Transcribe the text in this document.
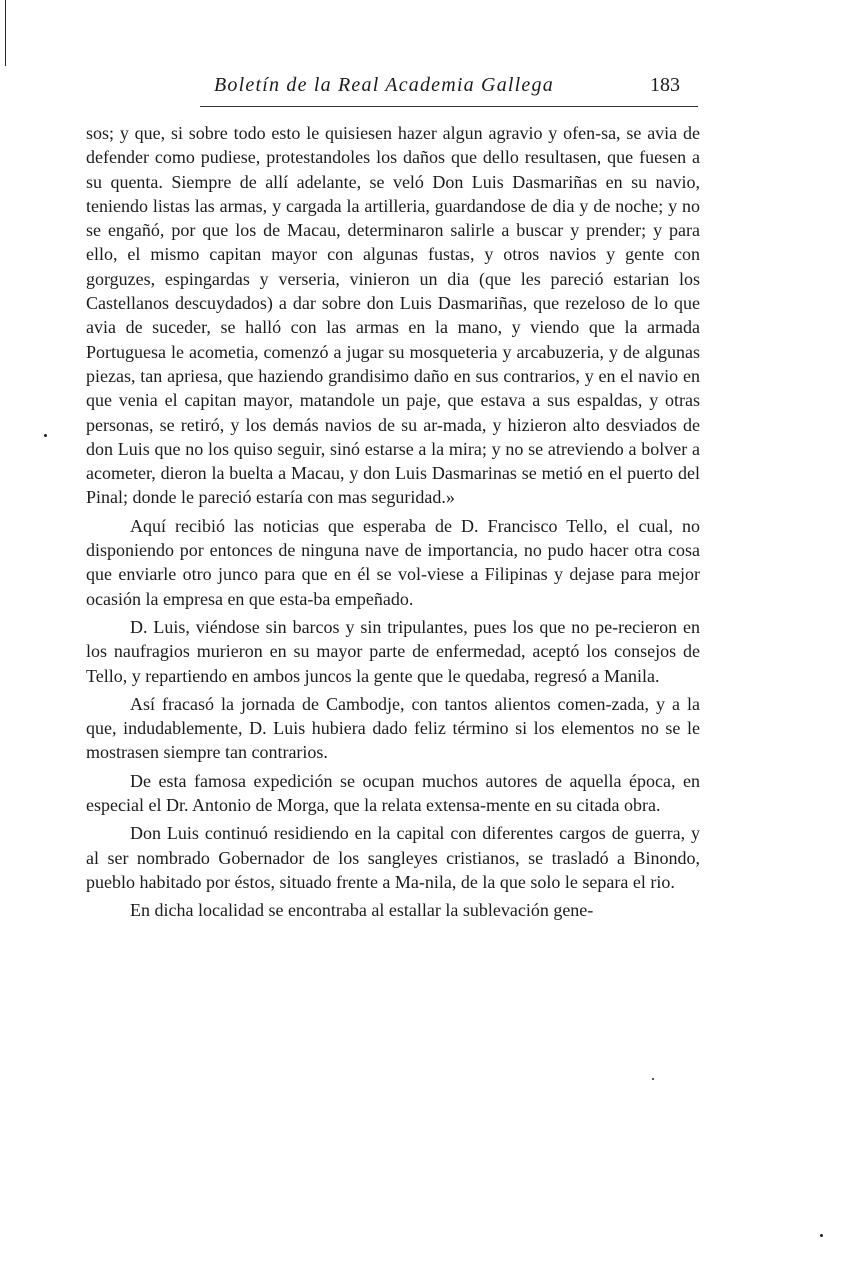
Boletín de la Real Academia Gallega	183

sos; y que, si sobre todo esto le quisiesen hazer algun agravio y ofen-sa, se avia de defender como pudiese, protestandoles los daños que dello resultasen, que fuesen a su quenta. Siempre de allí adelante, se veló Don Luis Dasmariñas en su navio, teniendo listas las armas, y cargada la artilleria, guardandose de dia y de noche; y no se engañó, por que los de Macau, determinaron salirle a buscar y prender; y para ello, el mismo capitan mayor con algunas fustas, y otros navios y gente con gorguzes, espingardas y verseria, vinieron un dia (que les pareció estarian los Castellanos descuydados) a dar sobre don Luis Dasmariñas, que rezeloso de lo que avia de suceder, se halló con las armas en la mano, y viendo que la armada Portuguesa le acometia, comenzó a jugar su mosqueteria y arcabuzeria, y de algunas piezas, tan apriesa, que haziendo grandisimo daño en sus contrarios, y en el navio en que venia el capitan mayor, matandole un paje, que estava a sus espaldas, y otras personas, se retiró, y los demás navios de su ar-mada, y hizieron alto desviados de don Luis que no los quiso seguir, sinó estarse a la mira; y no se atreviendo a bolver a acometer, dieron la buelta a Macau, y don Luis Dasmarinas se metió en el puerto del Pinal; donde le pareció estaría con mas seguridad.»

Aquí recibió las noticias que esperaba de D. Francisco Tello, el cual, no disponiendo por entonces de ninguna nave de importancia, no pudo hacer otra cosa que enviarle otro junco para que en él se vol-viese a Filipinas y dejase para mejor ocasión la empresa en que esta-ba empeñado.

D. Luis, viéndose sin barcos y sin tripulantes, pues los que no pe-recieron en los naufragios murieron en su mayor parte de enfermedad, aceptó los consejos de Tello, y repartiendo en ambos juncos la gente que le quedaba, regresó a Manila.

Así fracasó la jornada de Cambodje, con tantos alientos comen-zada, y a la que, indudablemente, D. Luis hubiera dado feliz término si los elementos no se le mostrasen siempre tan contrarios.

De esta famosa expedición se ocupan muchos autores de aquella época, en especial el Dr. Antonio de Morga, que la relata extensa-mente en su citada obra.

Don Luis continuó residiendo en la capital con diferentes cargos de guerra, y al ser nombrado Gobernador de los sangleyes cristianos, se trasladó a Binondo, pueblo habitado por éstos, situado frente a Ma-nila, de la que solo le separa el rio.

En dicha localidad se encontraba al estallar la sublevación gene-
